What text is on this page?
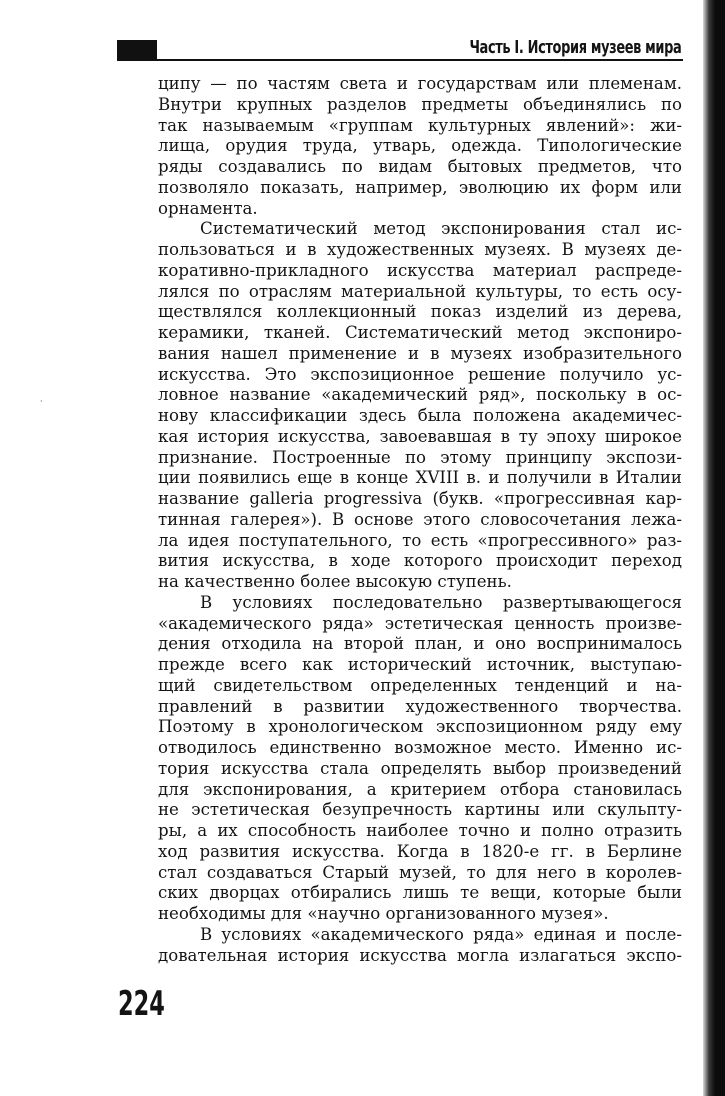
Часть I. История музеев мира
·
ципу — по частям света и государствам или племенам.
Внутри крупных разделов предметы объединялись по
так называемым «группам культурных явлений»: жи-
лища, орудия труда, утварь, одежда. Типологические
ряды создавались по видам бытовых предметов, что
позволяло показать, например, эволюцию их форм или
орнамента.
Систематический метод экспонирования стал ис-
пользоваться и в художественных музеях. В музеях де-
коративно-прикладного искусства материал распреде-
лялся по отраслям материальной культуры, то есть осу-
ществлялся коллекционный показ изделий из дерева,
керамики, тканей. Систематический метод экспониро-
вания нашел применение и в музеях изобразительного
искусства. Это экспозиционное решение получило ус-
ловное название «академический ряд», поскольку в ос-
нову классификации здесь была положена академичес-
кая история искусства, завоевавшая в ту эпоху широкое
признание. Построенные по этому принципу экспози-
ции появились еще в конце XVIII в. и получили в Италии
название galleria progressiva (букв. «прогрессивная кар-
тинная галерея»). В основе этого словосочетания лежа-
ла идея поступательного, то есть «прогрессивного» раз-
вития искусства, в ходе которого происходит переход
на качественно более высокую ступень.
В условиях последовательно развертывающегося
«академического ряда» эстетическая ценность произве-
дения отходила на второй план, и оно воспринималось
прежде всего как исторический источник, выступаю-
щий свидетельством определенных тенденций и на-
правлений в развитии художественного творчества.
Поэтому в хронологическом экспозиционном ряду ему
отводилось единственно возможное место. Именно ис-
тория искусства стала определять выбор произведений
для экспонирования, а критерием отбора становилась
не эстетическая безупречность картины или скульпту-
ры, а их способность наиболее точно и полно отразить
ход развития искусства. Когда в 1820-е гг. в Берлине
стал создаваться Старый музей, то для него в королев-
ских дворцах отбирались лишь те вещи, которые были
необходимы для «научно организованного музея».
В условиях «академического ряда» единая и после-
довательная история искусства могла излагаться экспо-
224
